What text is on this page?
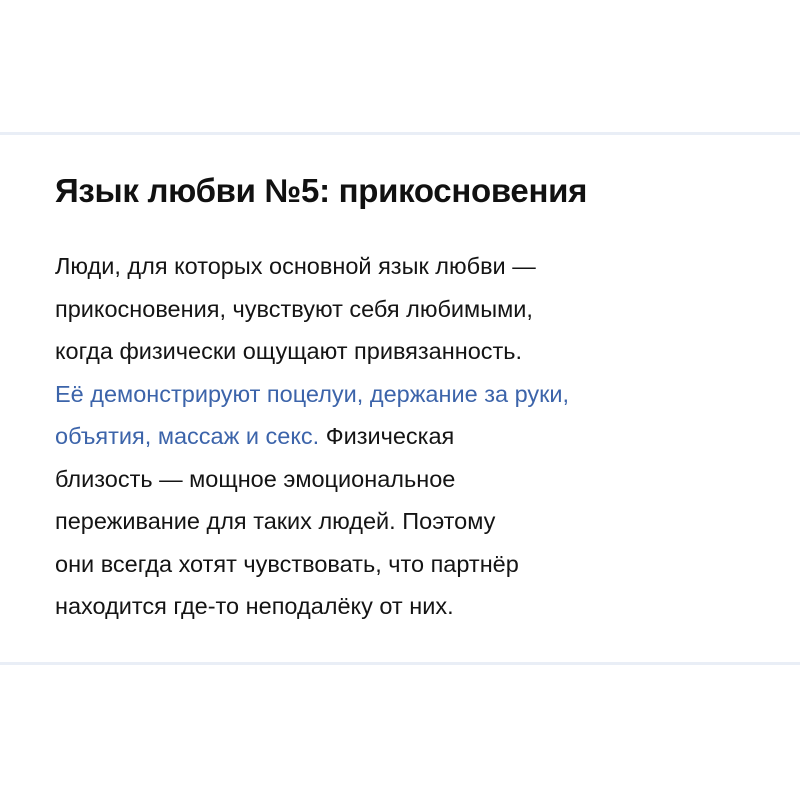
Язык любви №5: прикосновения

Люди, для которых основной язык любви —
прикосновения, чувствуют себя любимыми,
когда физически ощущают привязанность.
Её демонстрируют поцелуи, держание за руки,
объятия, массаж и секс. Физическая
близость — мощное эмоциональное
переживание для таких людей. Поэтому
они всегда хотят чувствовать, что партнёр
находится где-то неподалёку от них.
